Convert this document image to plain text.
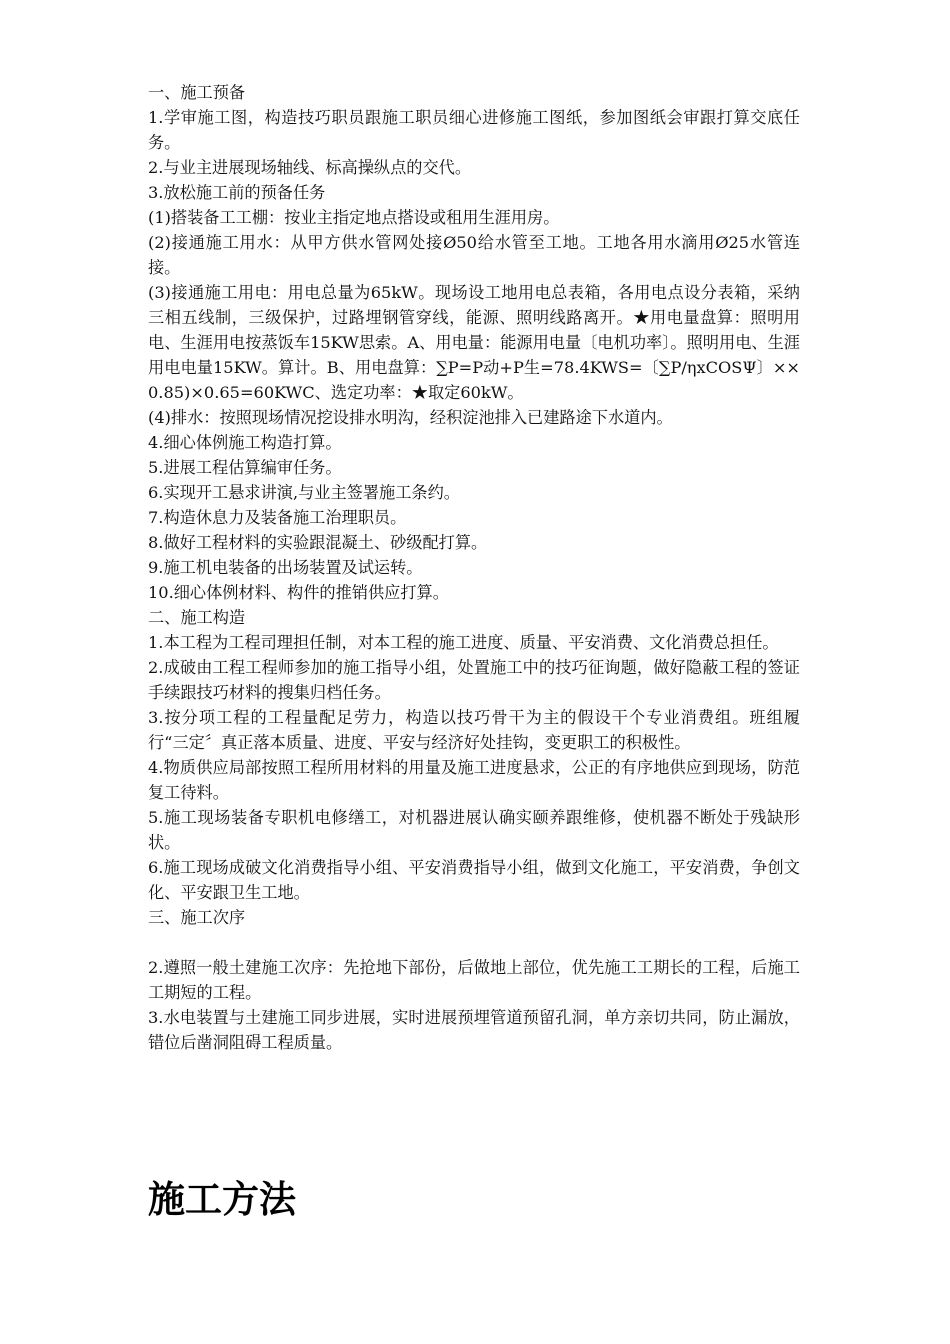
一、施工预备

1.学审施工图，构造技巧职员跟施工职员细心进修施工图纸，参加图纸会审跟打算交底任务。

2.与业主进展现场轴线、标高操纵点的交代。

3.放松施工前的预备任务

(1)搭装备工工棚：按业主指定地点搭设或租用生涯用房。

(2)接通施工用水：从甲方供水管网处接Ø50给水管至工地。工地各用水滴用Ø25水管连接。

(3)接通施工用电：用电总量为65kW。现场设工地用电总表箱，各用电点设分表箱，采纳三相五线制，三级保护，过路埋钢管穿线，能源、照明线路离开。★用电量盘算：照明用电、生涯用电按蒸饭车15KW思索。A、用电量：能源用电量〔电机功率〕。照明用电、生涯用电电量15KW。算计。B、用电盘算：∑P=P动+P生=78.4KWS=〔∑P/ηxCOSΨ〕××0.85)×0.65=60KWC、选定功率：★取定60kW。

(4)排水：按照现场情况挖设排水明沟，经积淀池排入已建路途下水道内。

4.细心体例施工构造打算。

5.进展工程估算编审任务。

6.实现开工悬求讲演,与业主签署施工条约。

7.构造休息力及装备施工治理职员。

8.做好工程材料的实验跟混凝土、砂级配打算。

9.施工机电装备的出场装置及试运转。

10.细心体例材料、构件的推销供应打算。

二、施工构造

1.本工程为工程司理担任制，对本工程的施工进度、质量、平安消费、文化消费总担任。

2.成破由工程工程师参加的施工指导小组，处置施工中的技巧征询题，做好隐蔽工程的签证手续跟技巧材料的搜集归档任务。

3.按分项工程的工程量配足劳力，构造以技巧骨干为主的假设干个专业消费组。班组履行“三定〞真正落本质量、进度、平安与经济好处挂钩，变更职工的积极性。

4.物质供应局部按照工程所用材料的用量及施工进度悬求，公正的有序地供应到现场，防范复工待料。

5.施工现场装备专职机电修缮工，对机器进展认确实颐养跟维修，使机器不断处于残缺形状。

6.施工现场成破文化消费指导小组、平安消费指导小组，做到文化施工，平安消费，争创文化、平安跟卫生工地。

三、施工次序

2.遵照一般土建施工次序：先抢地下部份，后做地上部位，优先施工工期长的工程，后施工工期短的工程。

3.水电装置与土建施工同步进展，实时进展预埋管道预留孔洞，单方亲切共同，防止漏放，错位后凿洞阻碍工程质量。

施工方法
